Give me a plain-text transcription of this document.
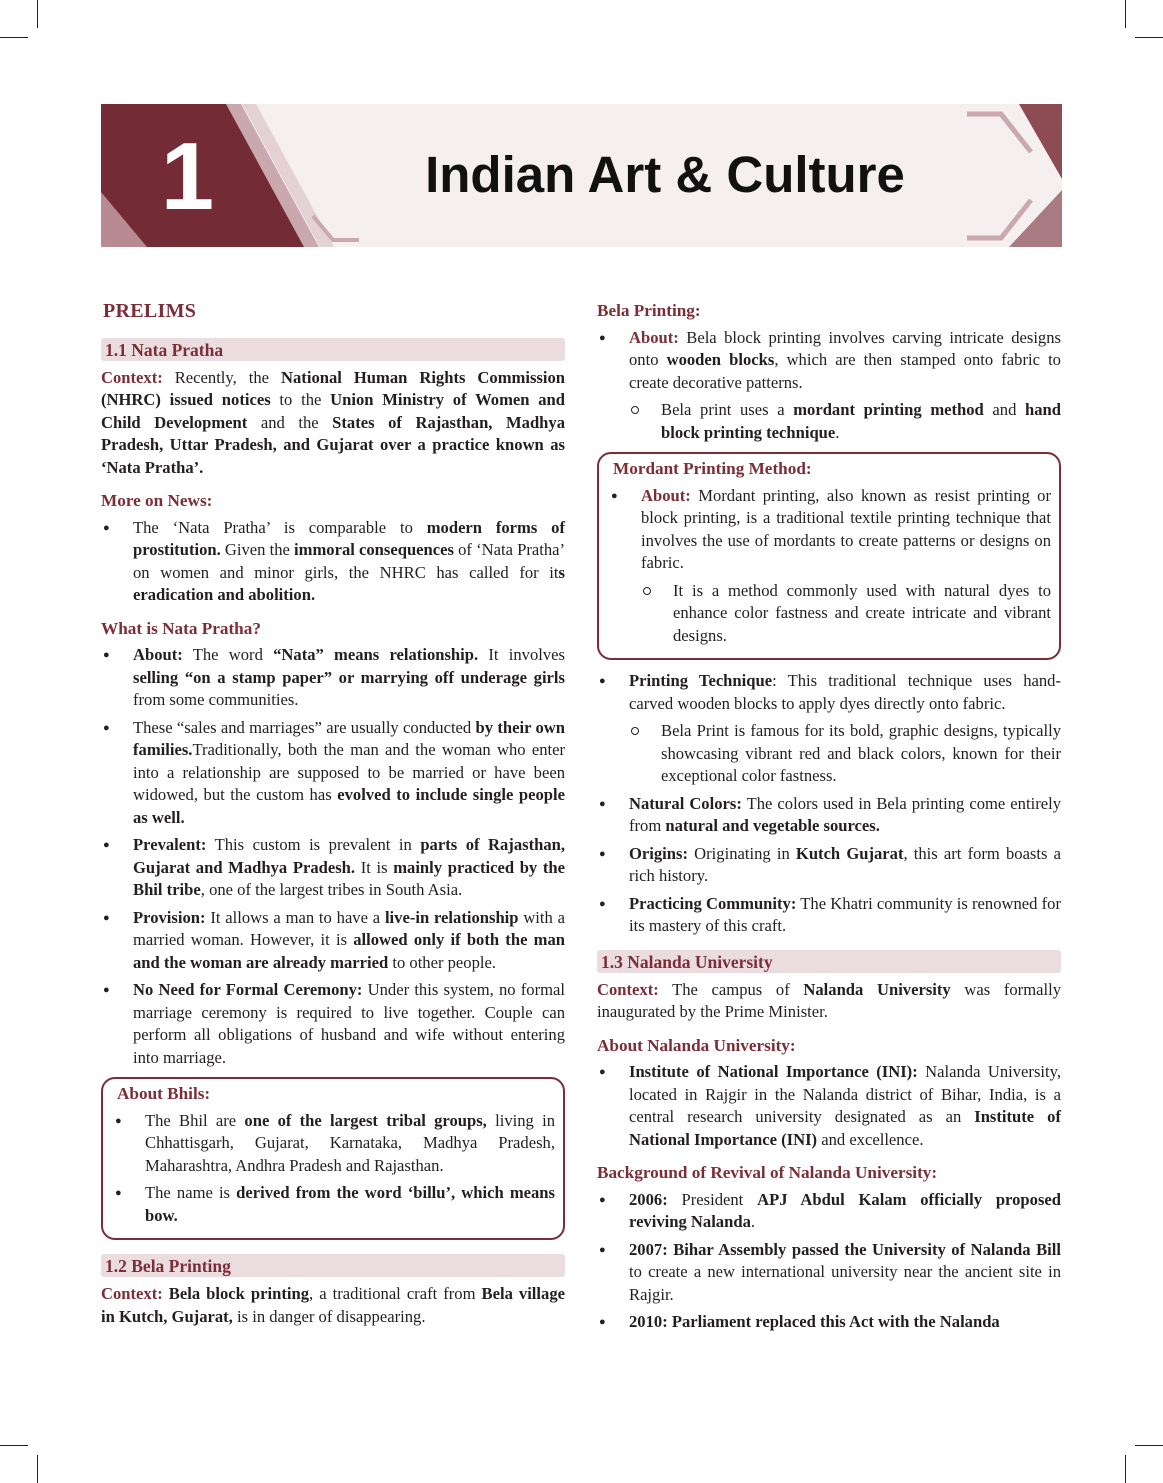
1	Indian Art & Culture
PRELIMS
1.1 Nata Pratha

Context: Recently, the National Human Rights Commission (NHRC) issued notices to the Union Ministry of Women and Child Development and the States of Rajasthan, Madhya Pradesh, Uttar Pradesh, and Gujarat over a practice known as ‘Nata Pratha’.

More on News:
● The ‘Nata Pratha’ is comparable to modern forms of prostitution. Given the immoral consequences of ‘Nata Pratha’ on women and minor girls, the NHRC has called for its eradication and abolition.
What is Nata Pratha?
● About: The word “Nata” means relationship. It involves selling “on a stamp paper” or marrying off underage girls from some communities.
● These “sales and marriages” are usually conducted by their own families.Traditionally, both the man and the woman who enter into a relationship are supposed to be married or have been widowed, but the custom has evolved to include single people as well.
● Prevalent: This custom is prevalent in parts of Rajasthan, Gujarat and Madhya Pradesh. It is mainly practiced by the Bhil tribe, one of the largest tribes in South Asia.
● Provision: It allows a man to have a live-in relationship with a married woman. However, it is allowed only if both the man and the woman are already married to other people.
● No Need for Formal Ceremony: Under this system, no formal marriage ceremony is required to live together. Couple can perform all obligations of husband and wife without entering into marriage.
About Bhils:
● The Bhil are one of the largest tribal groups, living in Chhattisgarh, Gujarat, Karnataka, Madhya Pradesh, Maharashtra, Andhra Pradesh and Rajasthan.
● The name is derived from the word ‘billu’, which means bow.
1.2 Bela Printing

Context: Bela block printing, a traditional craft from Bela village in Kutch, Gujarat, is in danger of disappearing.

Bela Printing:
● About: Bela block printing involves carving intricate designs onto wooden blocks, which are then stamped onto fabric to create decorative patterns.
Bela print uses a mordant printing method and hand block printing technique.
Mordant Printing Method:
● About: Mordant printing, also known as resist printing or block printing, is a traditional textile printing technique that involves the use of mordants to create patterns or designs on fabric.
It is a method commonly used with natural dyes to enhance color fastness and create intricate and vibrant designs.
● Printing Technique: This traditional technique uses hand-carved wooden blocks to apply dyes directly onto fabric.
Bela Print is famous for its bold, graphic designs, typically showcasing vibrant red and black colors, known for their exceptional color fastness.
● Natural Colors: The colors used in Bela printing come entirely from natural and vegetable sources.
● Origins: Originating in Kutch Gujarat, this art form boasts a rich history.
● Practicing Community: The Khatri community is renowned for its mastery of this craft.
1.3 Nalanda University

Context: The campus of Nalanda University was formally inaugurated by the Prime Minister.

About Nalanda University:
● Institute of National Importance (INI): Nalanda University, located in Rajgir in the Nalanda district of Bihar, India, is a central research university designated as an Institute of National Importance (INI) and excellence.
Background of Revival of Nalanda University:
● 2006: President APJ Abdul Kalam officially proposed reviving Nalanda.
● 2007: Bihar Assembly passed the University of Nalanda Bill to create a new international university near the ancient site in Rajgir.
● 2010: Parliament replaced this Act with the Nalanda
